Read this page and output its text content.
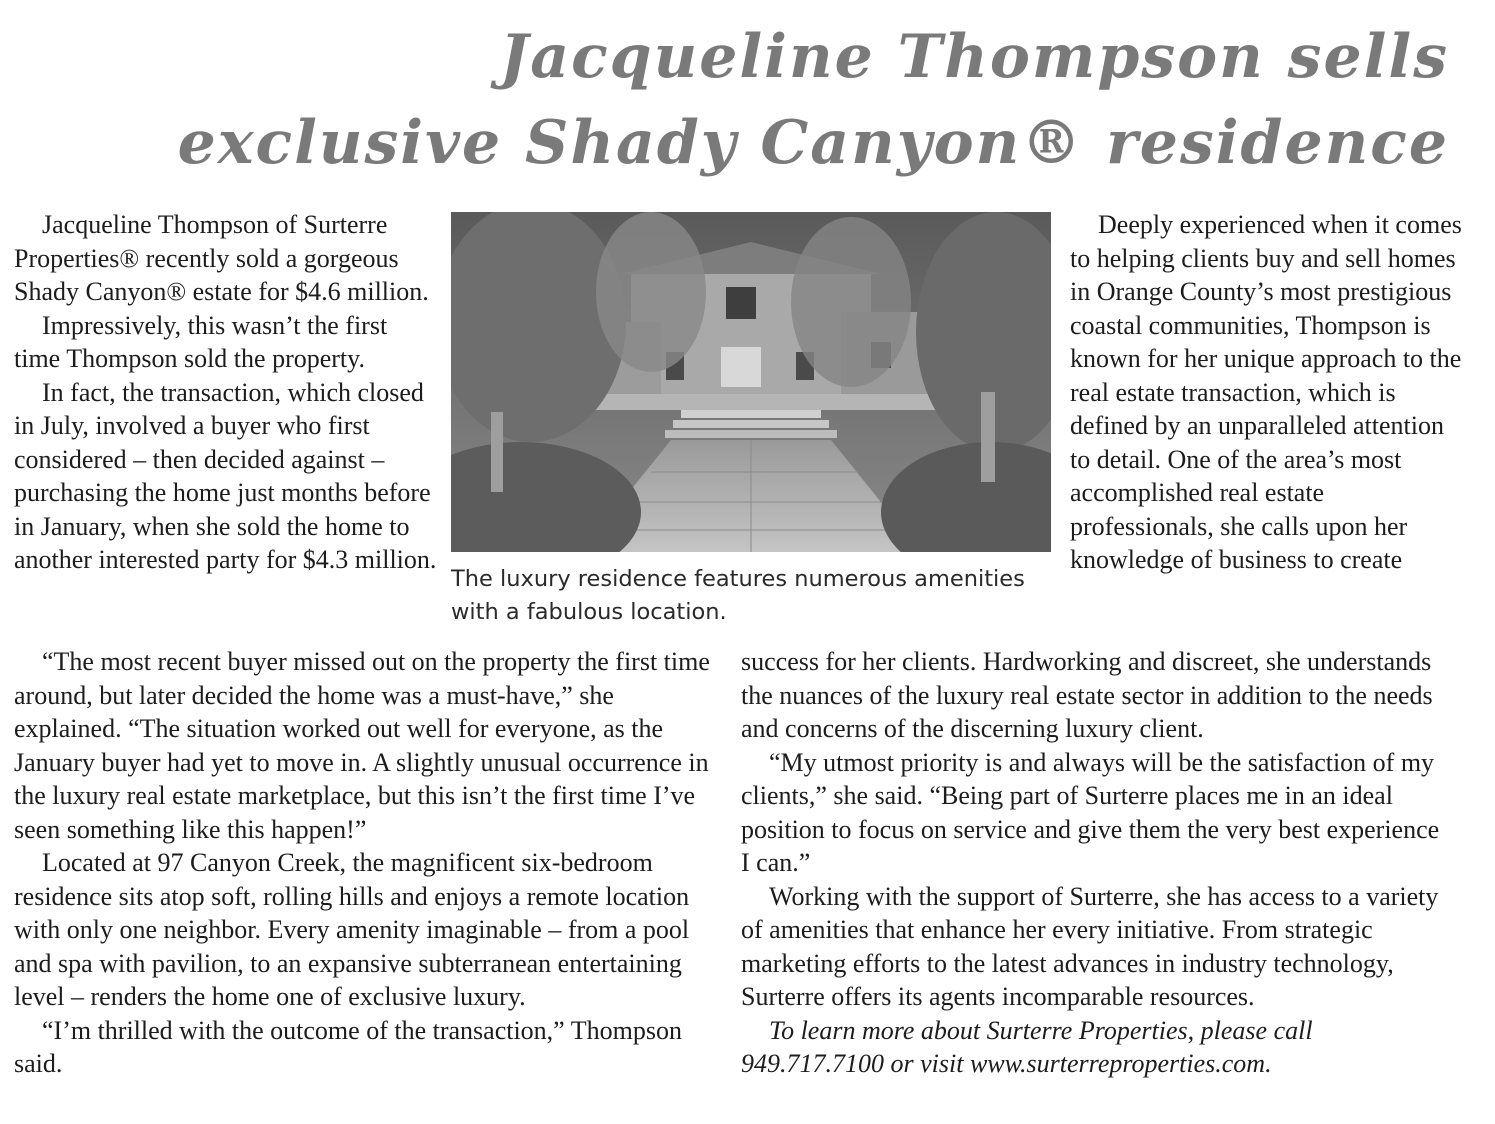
Jacqueline Thompson sells
exclusive Shady Canyon® residence

Jacqueline Thompson of Surterre Properties® recently sold a gorgeous Shady Canyon® estate for $4.6 million.

Impressively, this wasn’t the first time Thompson sold the property.

In fact, the transaction, which closed in July, involved a buyer who first considered – then decided against – purchasing the home just months before in January, when she sold the home to another interested party for $4.3 million.

The luxury residence features numerous amenities with a fabulous location.

Deeply experienced when it comes to helping clients buy and sell homes in Orange County’s most prestigious coastal communities, Thompson is known for her unique approach to the real estate transaction, which is defined by an unparalleled attention to detail. One of the area’s most accomplished real estate professionals, she calls upon her knowledge of business to create

“The most recent buyer missed out on the property the first time around, but later decided the home was a must-have,” she explained. “The situation worked out well for everyone, as the January buyer had yet to move in. A slightly unusual occurrence in the luxury real estate marketplace, but this isn’t the first time I’ve seen something like this happen!”

Located at 97 Canyon Creek, the magnificent six-bedroom residence sits atop soft, rolling hills and enjoys a remote location with only one neighbor. Every amenity imaginable – from a pool and spa with pavilion, to an expansive subterranean entertaining level – renders the home one of exclusive luxury.

“I’m thrilled with the outcome of the transaction,” Thompson said.

success for her clients. Hardworking and discreet, she understands the nuances of the luxury real estate sector in addition to the needs and concerns of the discerning luxury client.

“My utmost priority is and always will be the satisfaction of my clients,” she said. “Being part of Surterre places me in an ideal position to focus on service and give them the very best experience I can.”

Working with the support of Surterre, she has access to a variety of amenities that enhance her every initiative. From strategic marketing efforts to the latest advances in industry technology, Surterre offers its agents incomparable resources.

To learn more about Surterre Properties, please call 949.717.7100 or visit www.surterreproperties.com.
